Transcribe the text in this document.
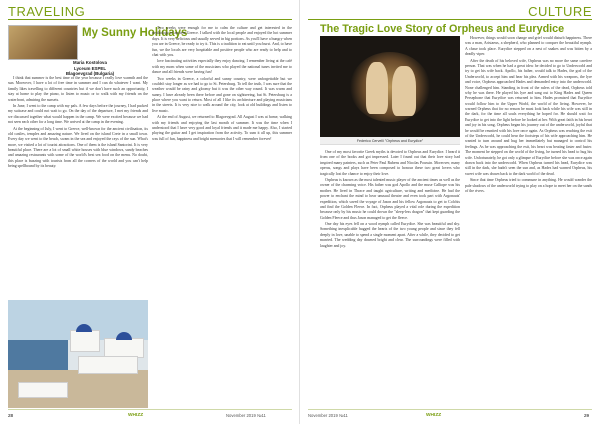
TRAVELING
My Sunny Holidays
Maria Kostolova
Lyceum ESPEL
Blagoevgrad (Bulgaria)

I think that summer is the best time of the year because I really love warmth and the sun. Moreover, I have a lot of free time in summer and I can do whatever I want. My family likes travelling to different countries but if we don't have such an opportunity, I stay at home to play the piano, to listen to music or to walk with my friends on the waterfront, admiring the sunsets.

In June, I went to the camp with my pals. A few days before the journey, I had packed my suitcase and could not wait to go. On the day of the departure, I met my friends and we discussed together what would happen in the camp. We were excited because we had not seen each other for a long time. We arrived at the camp in the evening.

At the beginning of July, I went to Greece, well-known for the ancient civilisation, its old castles, temples and amazing nature. We lived on the island Crete in a small town. Every day we went to the beach, swam in the sea and enjoyed the rays of the sun. What's more, we visited a lot of tourist attractions. One of them is the island Santorini. It is very beautiful place. There are a lot of small white houses with blue windows, sandy beaches and amazing restaurants with some of the world's best sea food on the menu. No doubt, this place is buzzing with tourists from all the corners of the world and you can't help being spellbound by its beauty.

Two weeks were enough for me to calm the culture and get interested in the mythology of ancient Greece. I talked with the local people and enjoyed the hot summer days. It is very delicious and usually served in big portions. As you'll have a hungry when you are in Greece, be ready to try it. This is a tradition to eat until you burst. And, to have fun, we the locals are very hospitable and positive people who are ready to help and to chat with you.

love fascinating activities especially they enjoy dancing. I remember living at the café with my mom when some of the musicians who played the national tunes invited me to dance and all friends were having fun!

Two weeks in Greece, a colorful and sunny country, were unforgettable but we couldn't stay longer as we had to go to St. Petersburg. To tell the truth, I was sure that the weather would be rainy and gloomy but it was the other way round. It was warm and sunny. I have already been there before and gone on sightseeing, but St. Petersburg is a place where you want to return. Most of all I like its architecture and playing musicians in the streets. It is very nice to walk around the city, look at old buildings and listen to live music.

At the end of August, we returned to Blagoevgrad. All August I was at home, walking with my friends and enjoying the last month of summer. It was the time when I understood that I have very good and loyal friends and it made me happy. Also, I started playing the guitar and I get inspiration from the activity. To sum it all up, this summer was full of fun, happiness and bright memories that I will remember forever!

28	WHIZZ	November 2019 №11
CULTURE
The Tragic Love Story of Orpheus and Eurydice
Federico Cervelli "Orpheus and Eurydice"

One of my most favorite Greek myths is devoted to Orpheus and Eurydice. I heard it from one of the books and got impressed. Later I found out that their love story had inspired many painters, such as Peter Paul Rubens and Nicolas Poussin. Moreover, many operas, songs and plays have been composed to honour these two great lovers who tragically lost the chance to enjoy their love.

Orpheus is known as the most talented music player of the ancient times as well as the owner of the charming voice. His father was god Apollo and the muse Calliope was his mother. He lived in Thrace and taught agriculture, writing and medicine. He had the power to enchant the mind to hear unusual theatre and even took part with Argonauts' expedition, which saved the voyage of Jason and his fellow Argonauts to get to Colchis and find the Golden Fleece. In fact, Orpheus played a vital role during the expedition because only by his music he could drown the "sleep-less dragon" that kept guarding the Golden Fleece and thus Jason managed to get the fleece.

One day his eyes fell on a wood nymph called Eurydice. She was beautiful and shy. Something inexplicable hugged the hearts of the two young people and since they fell deeply in love, unable to spend a single moment apart. After a while, they decided to get married. The wedding day dawned bright and clear. The surroundings were filled with laughter and joy.

However, things would soon change and grief would disturb happiness. There was a man, Aristaeus, a shepherd, who planned to conquer the beautiful nymph. A chase took place. Eurydice stepped on a nest of snakes and was bitten by a deadly viper.

After the death of his beloved wife, Orpheus was no more the same carefree person. That was when he had a great idea: he decided to go to Underworld and try to get his wife back. Apollo, his father, would talk to Hades, the god of the Underworld, to accept him and hear his plea. Armed with his weapons, the lyre and voice, Orpheus approached Hades and demanded entry into the underworld. None challenged him. Standing in front of the rulers of the dead, Orpheus told why he was there. He played his lyre and sang out to King Hades and Queen Persephone that Eurydice was returned to him. Hades promised that Eurydice would follow him to the Upper World, the world of the living. However, he warned Orpheus that for no reason he must look back while his wife was still in the dark, for the time all souls everything he hoped for. He should wait for Eurydice to get into the light before he looked at her. With great faith in his heart and joy in his song, Orpheus began his journey out of the underworld, joyful that he would be reunited with his love once again. As Orpheus was reaching the exit of the Underworld, he could hear the footsteps of his wife approaching him. He wanted to turn around and hug her immediately but managed to control his feelings. As he was approaching the exit, his heart was beating faster and faster. The moment he stepped on the world of the living, he turned his head to hug his wife. Unfortunately, he got only a glimpse of Eurydice before she was once again drawn back into the underworld. When Orpheus turned his head, Eurydice was still in the dark, she hadn't seen the sun and, as Hades had warned Orpheus, his sweet wife was drawn back to the dark world of the dead.

Since that time Orpheus tried to commune in anything. He would wander the pale shadows of the underworld trying to play on a hope to meet her on the sands of the rivers.

November 2019 №11	WHIZZ	29
